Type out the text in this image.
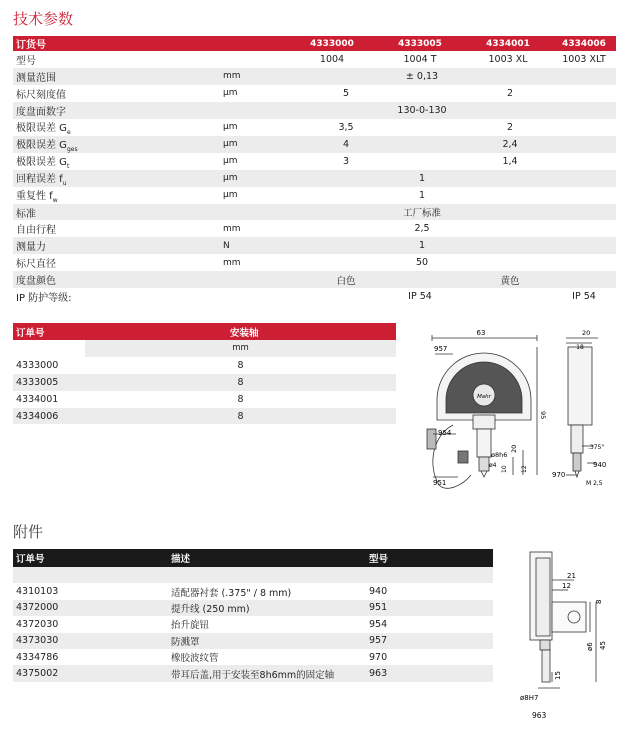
技术参数
订货号		4333000	4333005	4334001	4334006
型号		1004	1004 T	1003 XL	1003 XLT
测量范围	mm	± 0,13			
标尺刻度值	µm	5		2	
度盘面数字		130-0-130			
极限误差 $G_e$	µm	3,5		2	
极限误差 $G_{ges}$	µm	4		2,4	
极限误差 $G_t$	µm	3		1,4	
回程误差 $f_u$	µm	1			
重复性 $f_w$	µm	1			
标准		工厂标准			
自由行程	mm	2,5			
测量力	N	1			
标尺直径	mm	50			
度盘颜色		白色		黄色	
IP 防护等级:		IP 54			IP 54
订单号	安装轴
	mm
4333000	8
4333005	8
4334001	8
4334006	8
附件
订单号	描述	型号

4310103	适配器衬套 (.375" / 8 mm)	940
4372000	提升线 (250 mm)	951
4372030	抬升旋钮	954
4373030	防溅罩	957
4334786	橡胶波纹管	970
4375002	带耳后盖,用于安装至8h6mm的固定轴	963
63
957
954
951
ø8h6
95
20
10 12
ø4
Mahr
20
18
.375"
940
970
M 2,5
21
12
8
ø6 45
15
ø8H7
963
